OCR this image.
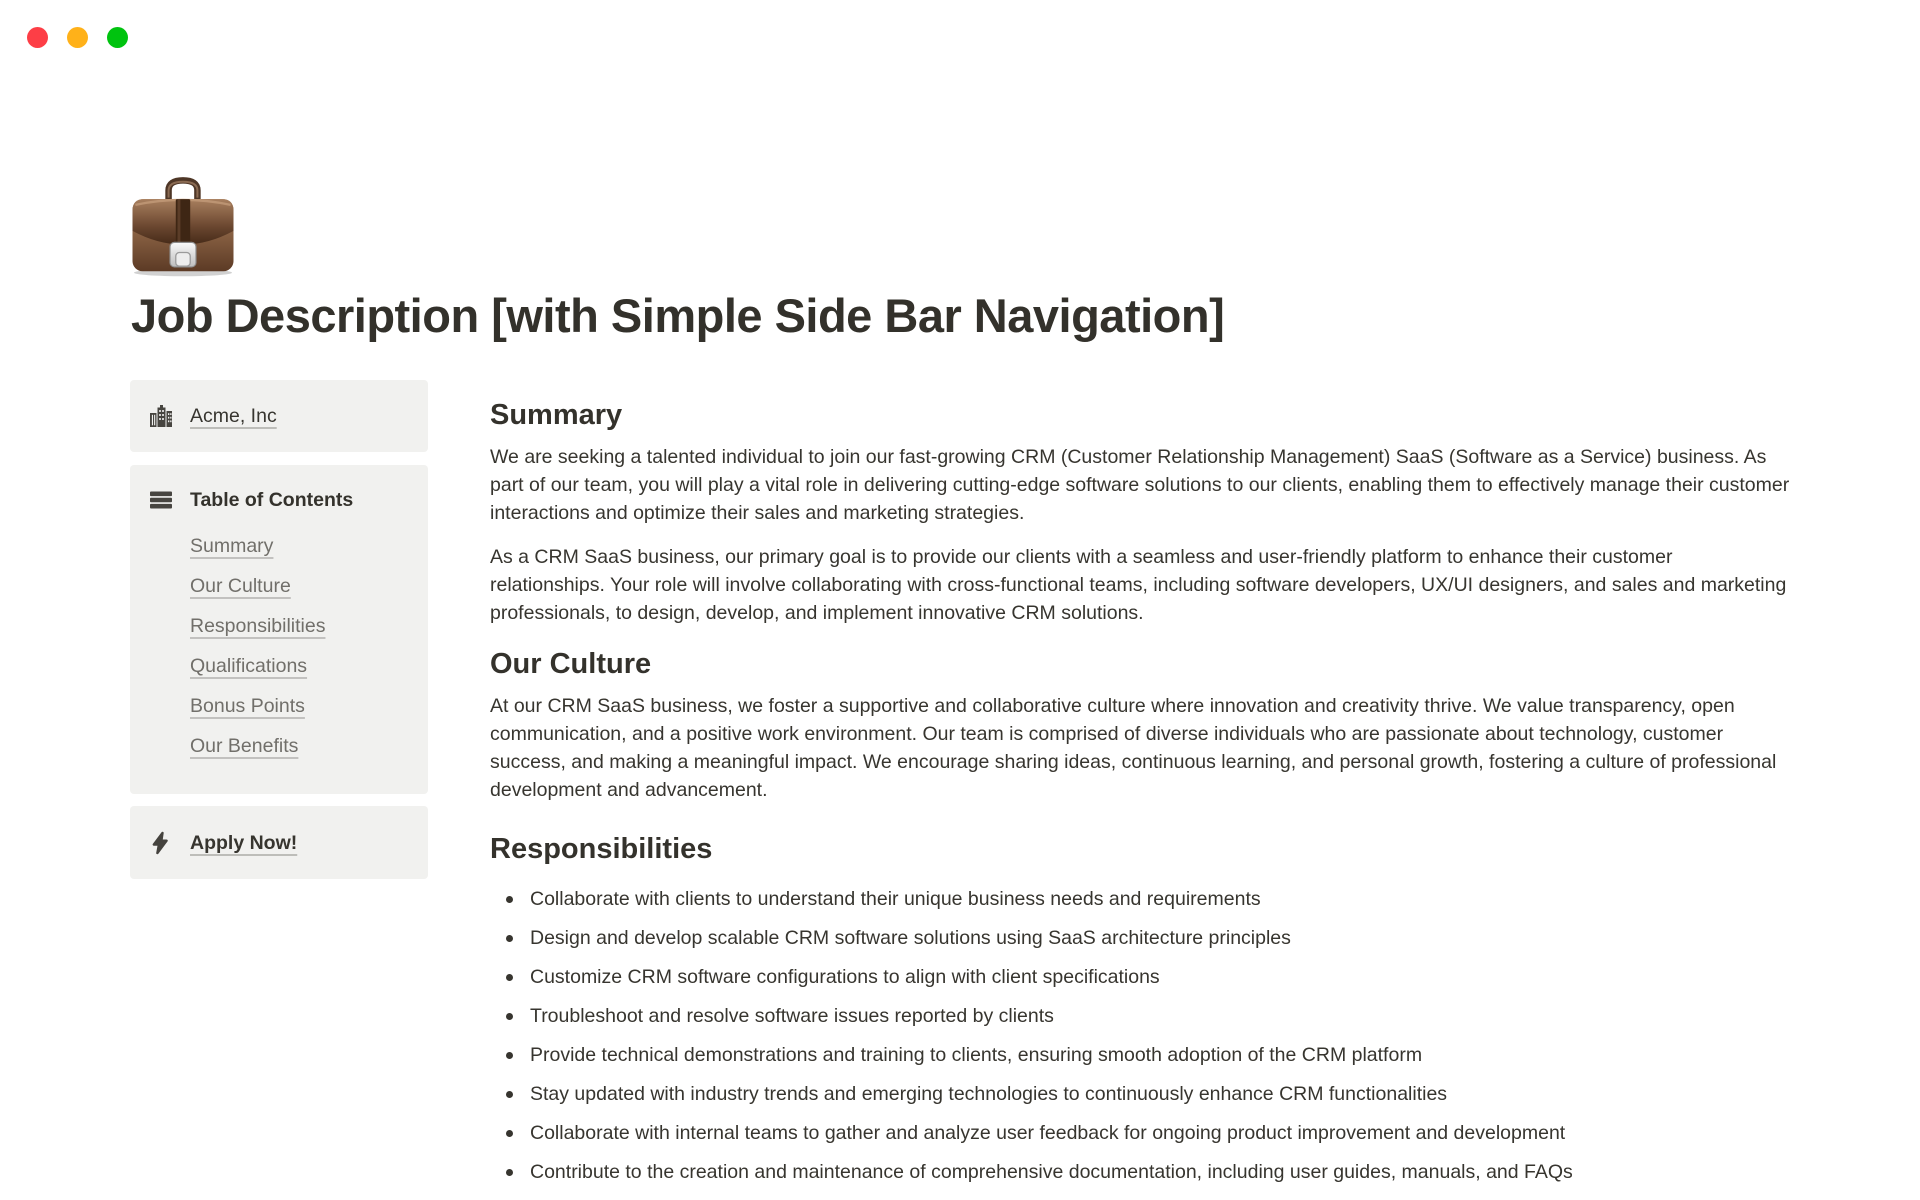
Job Description [with Simple Side Bar Navigation]
Acme, Inc
Table of Contents
Summary
Our Culture
Responsibilities
Qualifications
Bonus Points
Our Benefits
Apply Now!
Summary

We are seeking a talented individual to join our fast-growing CRM (Customer Relationship Management) SaaS (Software as a Service) business. As part of our team, you will play a vital role in delivering cutting-edge software solutions to our clients, enabling them to effectively manage their customer interactions and optimize their sales and marketing strategies.

As a CRM SaaS business, our primary goal is to provide our clients with a seamless and user-friendly platform to enhance their customer relationships. Your role will involve collaborating with cross-functional teams, including software developers, UX/UI designers, and sales and marketing professionals, to design, develop, and implement innovative CRM solutions.

Our Culture

At our CRM SaaS business, we foster a supportive and collaborative culture where innovation and creativity thrive. We value transparency, open communication, and a positive work environment. Our team is comprised of diverse individuals who are passionate about technology, customer success, and making a meaningful impact. We encourage sharing ideas, continuous learning, and personal growth, fostering a culture of professional development and advancement.

Responsibilities
Collaborate with clients to understand their unique business needs and requirements
Design and develop scalable CRM software solutions using SaaS architecture principles
Customize CRM software configurations to align with client specifications
Troubleshoot and resolve software issues reported by clients
Provide technical demonstrations and training to clients, ensuring smooth adoption of the CRM platform
Stay updated with industry trends and emerging technologies to continuously enhance CRM functionalities
Collaborate with internal teams to gather and analyze user feedback for ongoing product improvement and development
Contribute to the creation and maintenance of comprehensive documentation, including user guides, manuals, and FAQs
